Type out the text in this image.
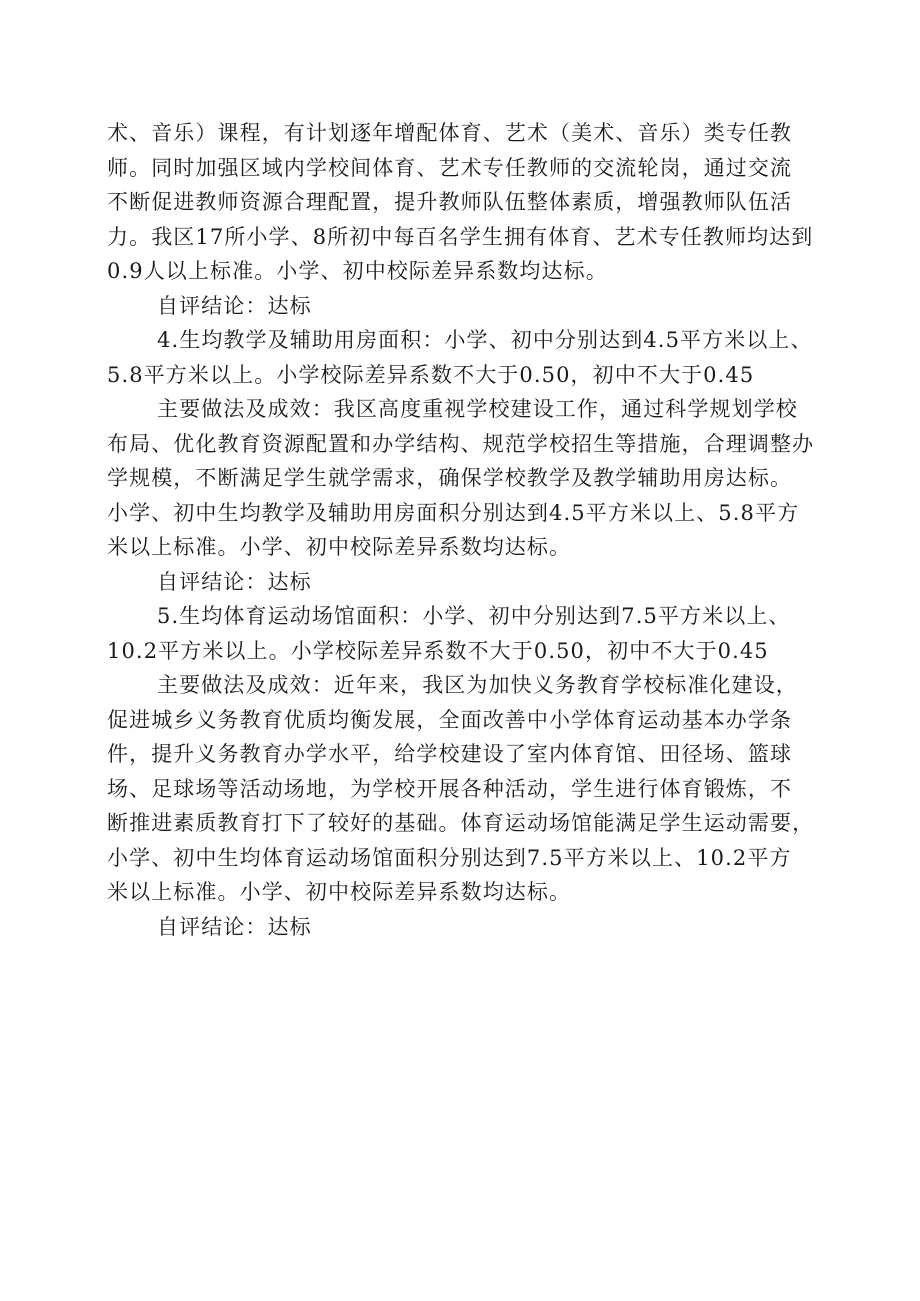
术、音乐）课程，有计划逐年增配体育、艺术（美术、音乐）类专任教
师。同时加强区域内学校间体育、艺术专任教师的交流轮岗，通过交流
不断促进教师资源合理配置，提升教师队伍整体素质，增强教师队伍活
力。我区17所小学、8所初中每百名学生拥有体育、艺术专任教师均达到
0.9人以上标准。小学、初中校际差异系数均达标。
自评结论：达标
4.生均教学及辅助用房面积：小学、初中分别达到4.5平方米以上、
5.8平方米以上。小学校际差异系数不大于0.50，初中不大于0.45
主要做法及成效：我区高度重视学校建设工作，通过科学规划学校
布局、优化教育资源配置和办学结构、规范学校招生等措施，合理调整办
学规模，不断满足学生就学需求，确保学校教学及教学辅助用房达标。
小学、初中生均教学及辅助用房面积分别达到4.5平方米以上、5.8平方
米以上标准。小学、初中校际差异系数均达标。
自评结论：达标
5.生均体育运动场馆面积：小学、初中分别达到7.5平方米以上、
10.2平方米以上。小学校际差异系数不大于0.50，初中不大于0.45
主要做法及成效：近年来，我区为加快义务教育学校标准化建设，
促进城乡义务教育优质均衡发展，全面改善中小学体育运动基本办学条
件，提升义务教育办学水平，给学校建设了室内体育馆、田径场、篮球
场、足球场等活动场地，为学校开展各种活动，学生进行体育锻炼，不
断推进素质教育打下了较好的基础。体育运动场馆能满足学生运动需要，
小学、初中生均体育运动场馆面积分别达到7.5平方米以上、10.2平方
米以上标准。小学、初中校际差异系数均达标。
自评结论：达标
